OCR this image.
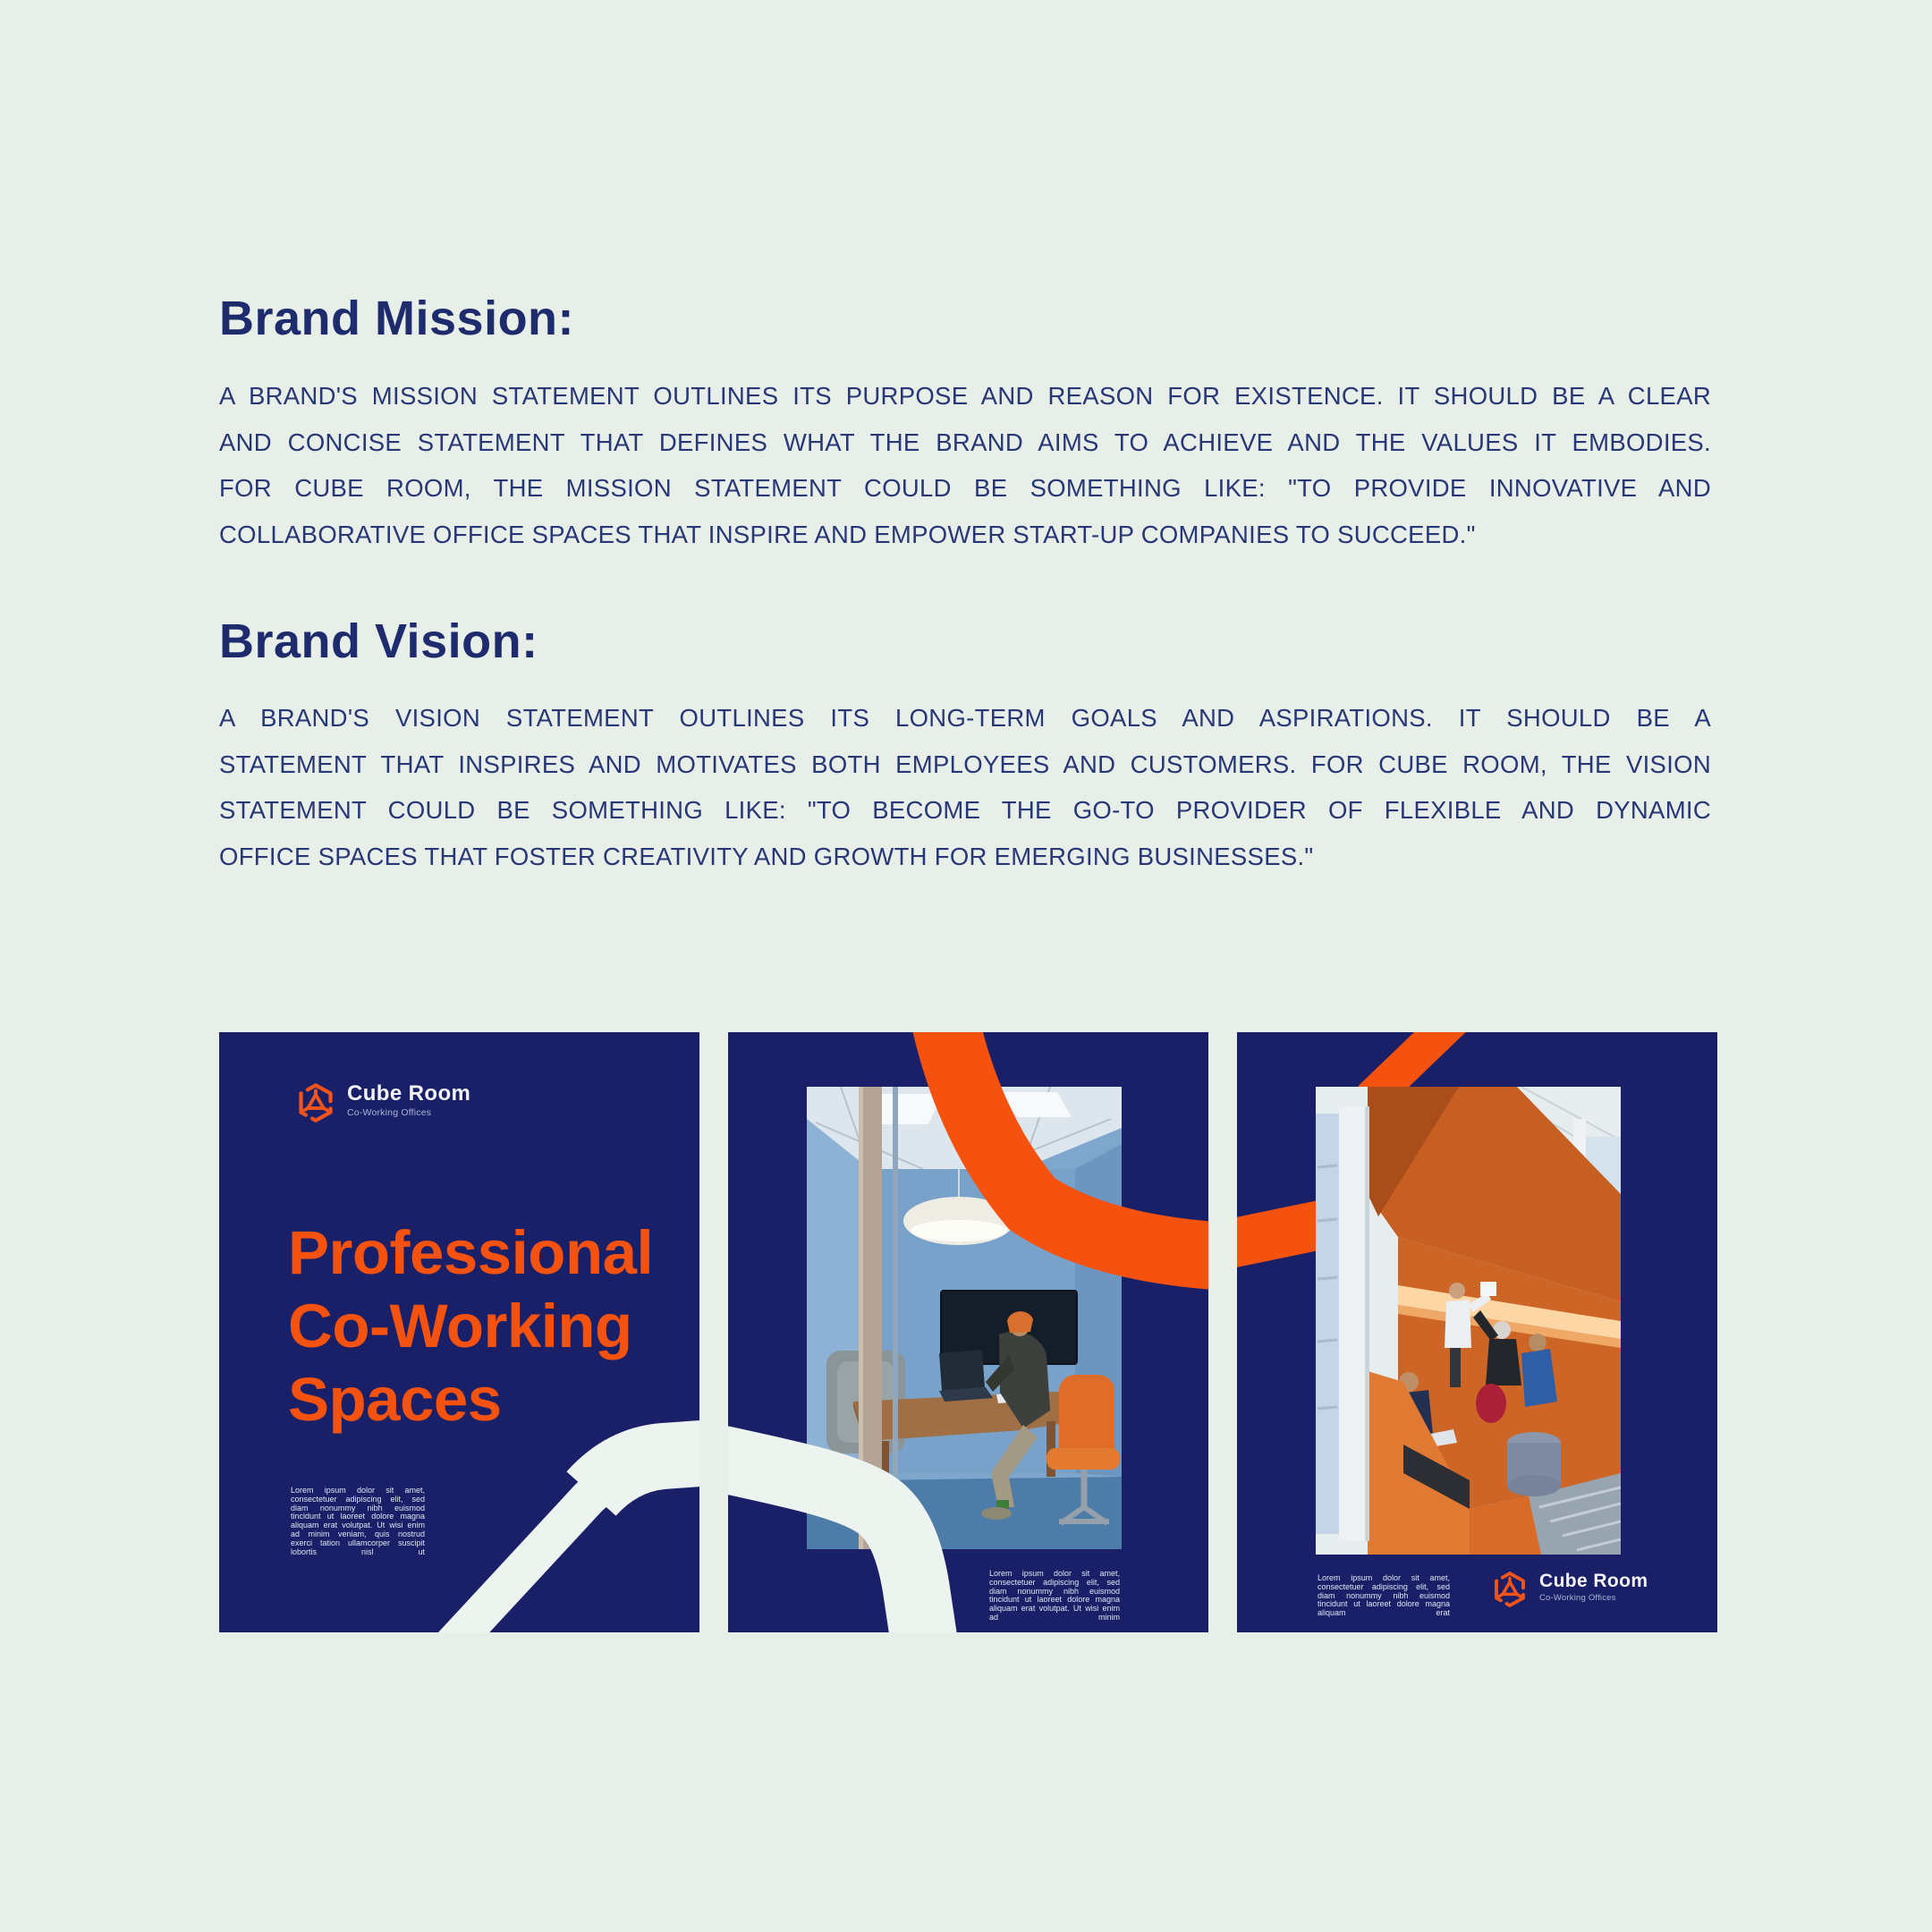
Brand Mission:
A BRAND'S MISSION STATEMENT OUTLINES ITS PURPOSE AND REASON FOR EXISTENCE. IT SHOULD BE A CLEAR
AND CONCISE STATEMENT THAT DEFINES WHAT THE BRAND AIMS TO ACHIEVE AND THE VALUES IT EMBODIES.
FOR CUBE ROOM, THE MISSION STATEMENT COULD BE SOMETHING LIKE: "TO PROVIDE INNOVATIVE AND
COLLABORATIVE OFFICE SPACES THAT INSPIRE AND EMPOWER START-UP COMPANIES TO SUCCEED."
Brand Vision:
A BRAND'S VISION STATEMENT OUTLINES ITS LONG-TERM GOALS AND ASPIRATIONS. IT SHOULD BE A
STATEMENT THAT INSPIRES AND MOTIVATES BOTH EMPLOYEES AND CUSTOMERS. FOR CUBE ROOM, THE VISION
STATEMENT COULD BE SOMETHING LIKE: "TO BECOME THE GO-TO PROVIDER OF FLEXIBLE AND DYNAMIC
OFFICE SPACES THAT FOSTER CREATIVITY AND GROWTH FOR EMERGING BUSINESSES."
Cube Room
Co-Working Offices
Professional
Co-Working
Spaces
Lorem ipsum dolor sit amet, consectetuer adipiscing elit, sed diam nonummy nibh euismod tincidunt ut laoreet dolore magna aliquam erat volutpat. Ut wisi enim ad minim veniam, quis nostrud exerci tation ullamcorper suscipit lobortis nisl ut
Lorem ipsum dolor sit amet, consectetuer adipiscing elit, sed diam nonummy nibh euismod tincidunt ut laoreet dolore magna aliquam erat volutpat. Ut wisi enim ad minim
Lorem ipsum dolor sit amet, consectetuer adipiscing elit, sed diam nonummy nibh euismod tincidunt ut laoreet dolore magna aliquam erat
Cube Room
Co-Working Offices
